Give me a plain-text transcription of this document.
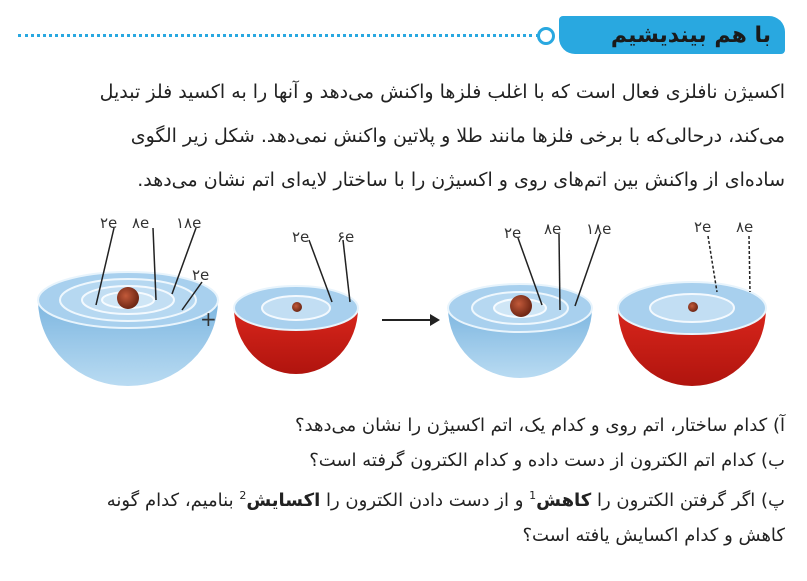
با هم بیندیشیم

اکسیژن نافلزی فعال است که با اغلب فلزها واکنش می‌دهد و آنها را به اکسید فلز تبدیل

می‌کند، درحالی‌که با برخی فلزها مانند طلا و پلاتین واکنش نمی‌دهد. شکل زیر الگوی

ساده‌ای از واکنش بین اتم‌های روی و اکسیژن را با ساختار لایه‌ای اتم نشان می‌دهد.

۲e ۸e ۱۸e
۲e
+
۲e ۶e	۲e ۸e ۱۸e	۲e ۸e

آ) کدام ساختار، اتم روی و کدام یک، اتم اکسیژن را نشان می‌دهد؟

ب) کدام اتم الکترون از دست داده و کدام الکترون گرفته است؟

پ) اگر گرفتن الکترون را کاهش$^1$ و از دست دادن الکترون را اکسایش$^2$ بنامیم، کدام گونه

کاهش و کدام اکسایش یافته است؟
